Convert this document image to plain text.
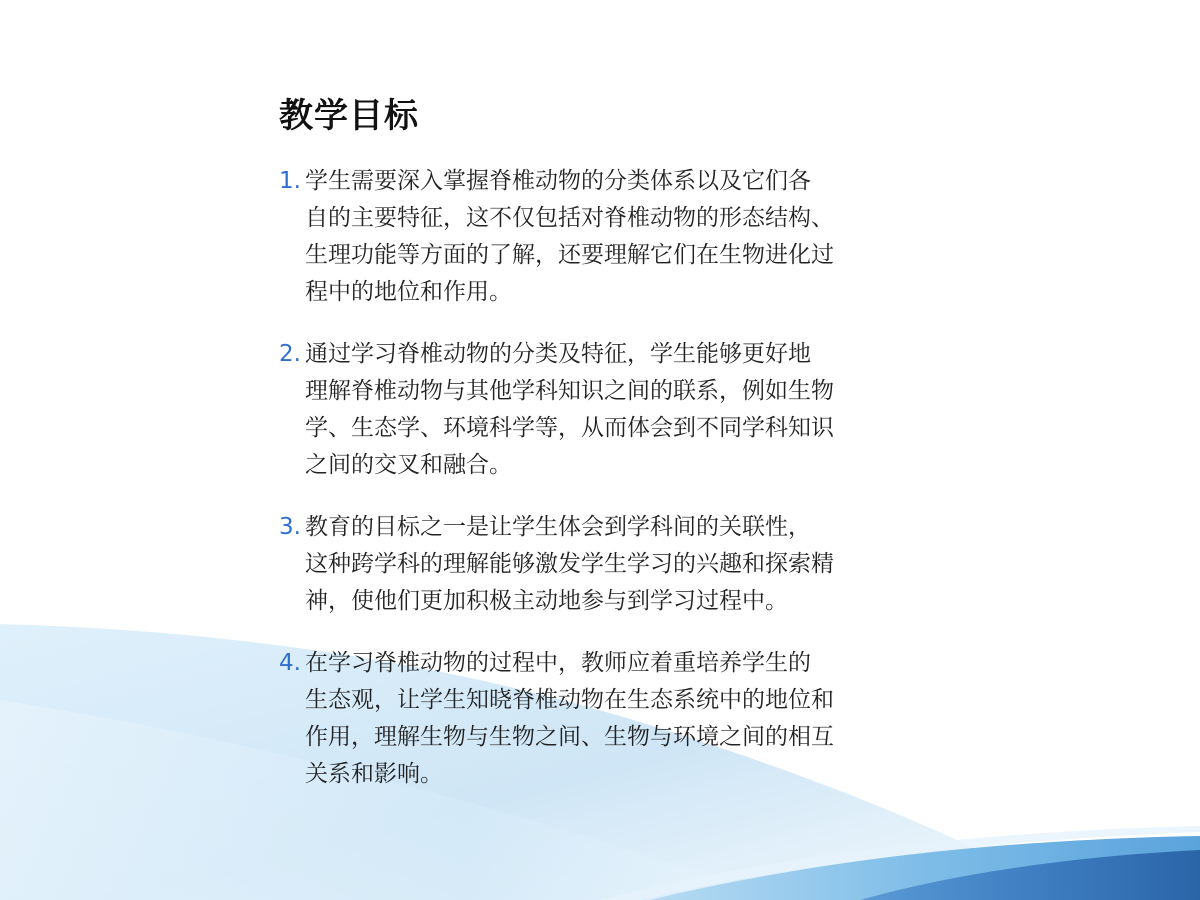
教学目标
1. 学生需要深入掌握脊椎动物的分类体系以及它们各
自的主要特征，这不仅包括对脊椎动物的形态结构、
生理功能等方面的了解，还要理解它们在生物进化过
程中的地位和作用。
2. 通过学习脊椎动物的分类及特征，学生能够更好地
理解脊椎动物与其他学科知识之间的联系，例如生物
学、生态学、环境科学等，从而体会到不同学科知识
之间的交叉和融合。
3. 教育的目标之一是让学生体会到学科间的关联性，
这种跨学科的理解能够激发学生学习的兴趣和探索精
神，使他们更加积极主动地参与到学习过程中。
4. 在学习脊椎动物的过程中，教师应着重培养学生的
生态观，让学生知晓脊椎动物在生态系统中的地位和
作用，理解生物与生物之间、生物与环境之间的相互
关系和影响。
